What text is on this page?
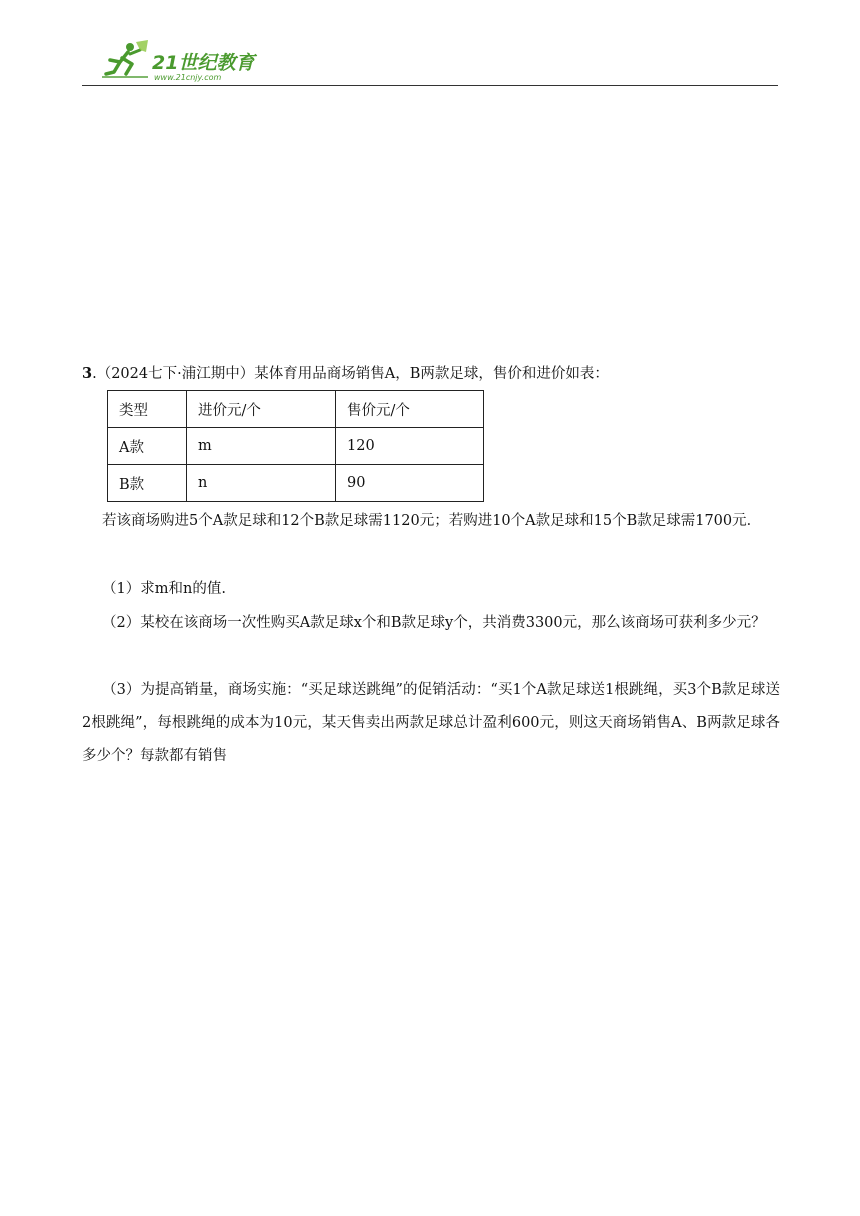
21世纪教育
www.21cnjy.com
3.（2024七下·浦江期中）某体育用品商场销售A，B两款足球，售价和进价如表：
类型	进价元/个	售价元/个
A款	m	120
B款	n	90
若该商场购进5个A款足球和12个B款足球需1120元；若购进10个A款足球和15个B款足球需1700元．
（1）求m和n的值.
（2）某校在该商场一次性购买A款足球x个和B款足球y个，共消费3300元，那么该商场可获利多少元？
（3）为提高销量，商场实施：“买足球送跳绳”的促销活动：“买1个A款足球送1根跳绳，买3个B款足球送2根跳绳”，每根跳绳的成本为10元，某天售卖出两款足球总计盈利600元，则这天商场销售A、B两款足球各多少个？每款都有销售
